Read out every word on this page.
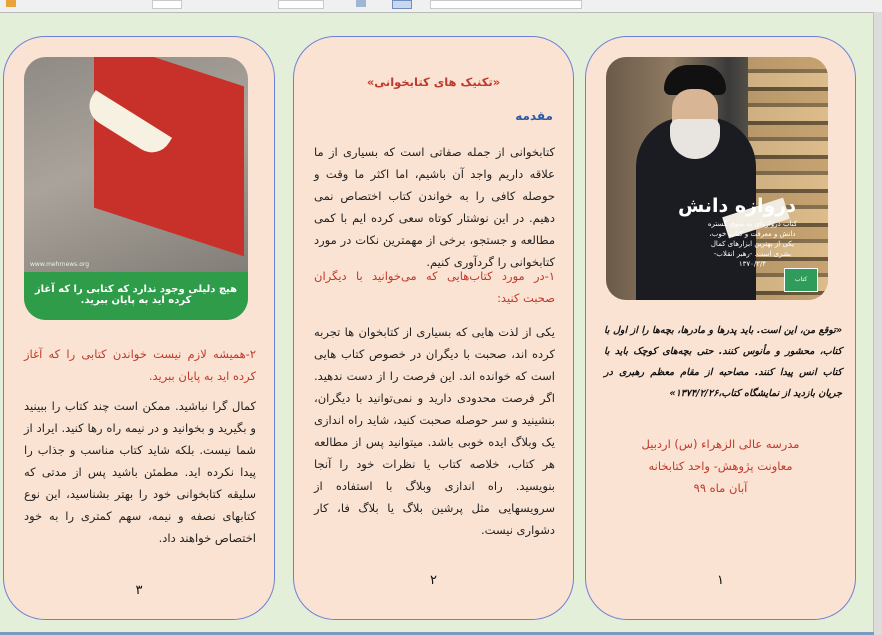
دروازه دانش
کتاب دروازه‌ای به سوی گستره دانش و معرفت و کتاب خوب، یکی از بهترین ابزارهای کمال بشری است. -رهبر انقلاب- ۱۳۷۰/۲/۴
کتاب

«توقع من، این است. باید پدرها و مادرها، بچه‌ها را از اول با کتاب، محشور و مأنوس کنند. حتی بچه‌های کوچک باید با کتاب انس پیدا کنند. مصاحبه از مقام معظم رهبری در جریان بازدید از نمایشگاه کتاب،۱۳۷۴/۲/۲۶»

مدرسه عالی الزهراء (س) اردبیل
معاونت پژوهش- واحد کتابخانه
آبان ماه ۹۹
۱
«تکنیک های کتابخوانی»
مقدمه

کتابخوانی از جمله صفاتی است که بسیاری از ما علاقه داریم واجد آن باشیم، اما اکثر ما وقت و حوصله کافی را به خواندن کتاب اختصاص نمی دهیم. در این نوشتار کوتاه سعی کرده ایم با کمی مطالعه و جستجو، برخی از مهمترین نکات در مورد کتابخوانی را گردآوری کنیم.

۱-در مورد کتاب‌هایی که می‌خوانید با دیگران صحبت کنید:

یکی از لذت هایی که بسیاری از کتابخوان ها تجربه کرده اند، صحبت با دیگران در خصوص کتاب هایی است که خوانده اند. این فرصت را از دست ندهید. اگر فرصت محدودی دارید و نمی‌توانید با دیگران، بنشینید و سر حوصله صحبت کنید، شاید راه اندازی یک وبلاگ ایده خوبی باشد. میتوانید پس از مطالعه هر کتاب، خلاصه کتاب یا نظرات خود را آنجا بنویسید. راه اندازی وبلاگ با استفاده از سرویسهایی مثل پرشین بلاگ یا بلاگ فا، کار دشواری نیست.

۲
www.mehrnews.org
هیچ دلیلی وجود ندارد که کتابی را که آغاز کرده اید به پایان ببرید.

۲-همیشه لازم نیست خواندن کتابی را که آغاز کرده اید به پایان ببرید.

کمال گرا نباشید. ممکن است چند کتاب را ببینید و بگیرید و بخوانید و در نیمه راه رها کنید. ایراد از شما نیست. بلکه شاید کتاب مناسب و جذاب را پیدا نکرده اید. مطمئن باشید پس از مدتی که سلیقه کتابخوانی خود را بهتر بشناسید، این نوع کتابهای نصفه و نیمه، سهم کمتری را به خود اختصاص خواهند داد.

۳
